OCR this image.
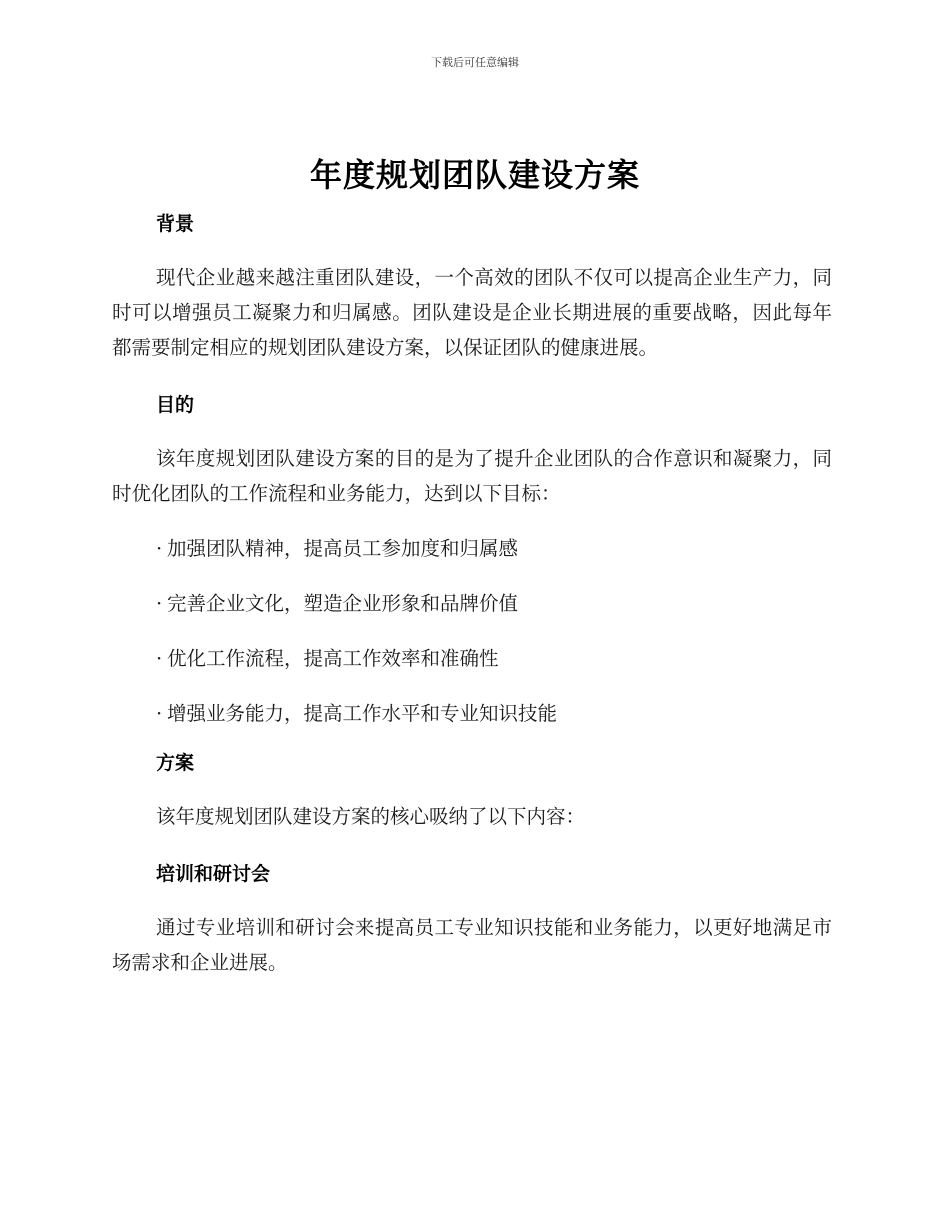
下载后可任意编辑
年度规划团队建设方案
背景

现代企业越来越注重团队建设，一个高效的团队不仅可以提高企业生产力，同时可以增强员工凝聚力和归属感。团队建设是企业长期进展的重要战略，因此每年都需要制定相应的规划团队建设方案，以保证团队的健康进展。

目的

该年度规划团队建设方案的目的是为了提升企业团队的合作意识和凝聚力，同时优化团队的工作流程和业务能力，达到以下目标：

· 加强团队精神，提高员工参加度和归属感
· 完善企业文化，塑造企业形象和品牌价值
· 优化工作流程，提高工作效率和准确性
· 增强业务能力，提高工作水平和专业知识技能
方案

该年度规划团队建设方案的核心吸纳了以下内容：

培训和研讨会

通过专业培训和研讨会来提高员工专业知识技能和业务能力，以更好地满足市场需求和企业进展。
